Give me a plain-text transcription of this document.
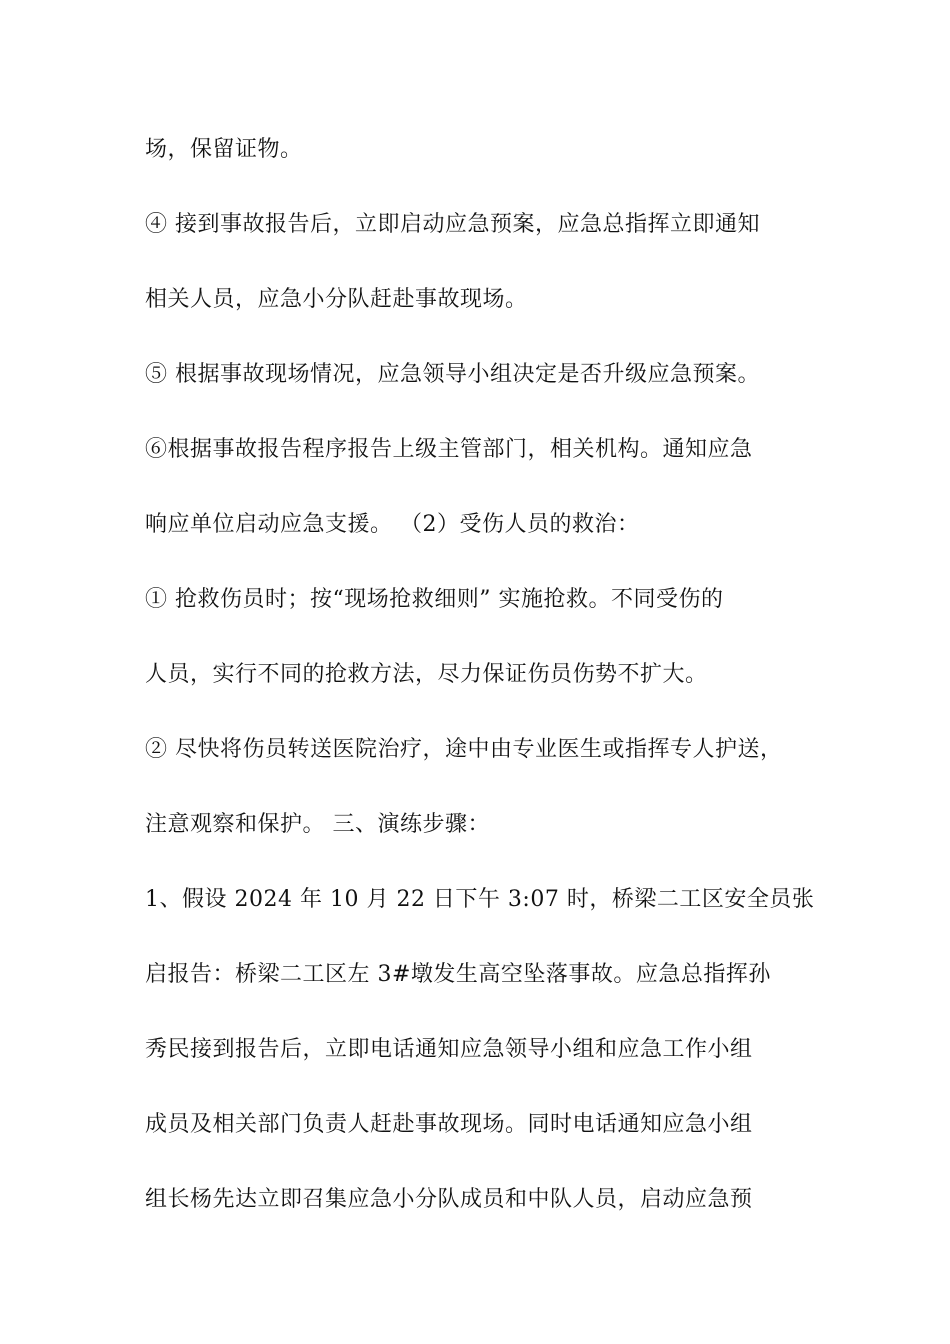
场，保留证物。
④ 接到事故报告后，立即启动应急预案，应急总指挥立即通知
相关人员，应急小分队赶赴事故现场。
⑤ 根据事故现场情况，应急领导小组决定是否升级应急预案。
⑥根据事故报告程序报告上级主管部门，相关机构。通知应急
响应单位启动应急支援。 （2）受伤人员的救治：
① 抢救伤员时；按“现场抢救细则” 实施抢救。不同受伤的
人员，实行不同的抢救方法，尽力保证伤员伤势不扩大。
② 尽快将伤员转送医院治疗，途中由专业医生或指挥专人护送，
注意观察和保护。 三、演练步骤：
1、假设 2024 年 10 月 22 日下午 3:07 时，桥梁二工区安全员张
启报告：桥梁二工区左 3#墩发生高空坠落事故。应急总指挥孙
秀民接到报告后，立即电话通知应急领导小组和应急工作小组
成员及相关部门负责人赶赴事故现场。同时电话通知应急小组
组长杨先达立即召集应急小分队成员和中队人员，启动应急预
